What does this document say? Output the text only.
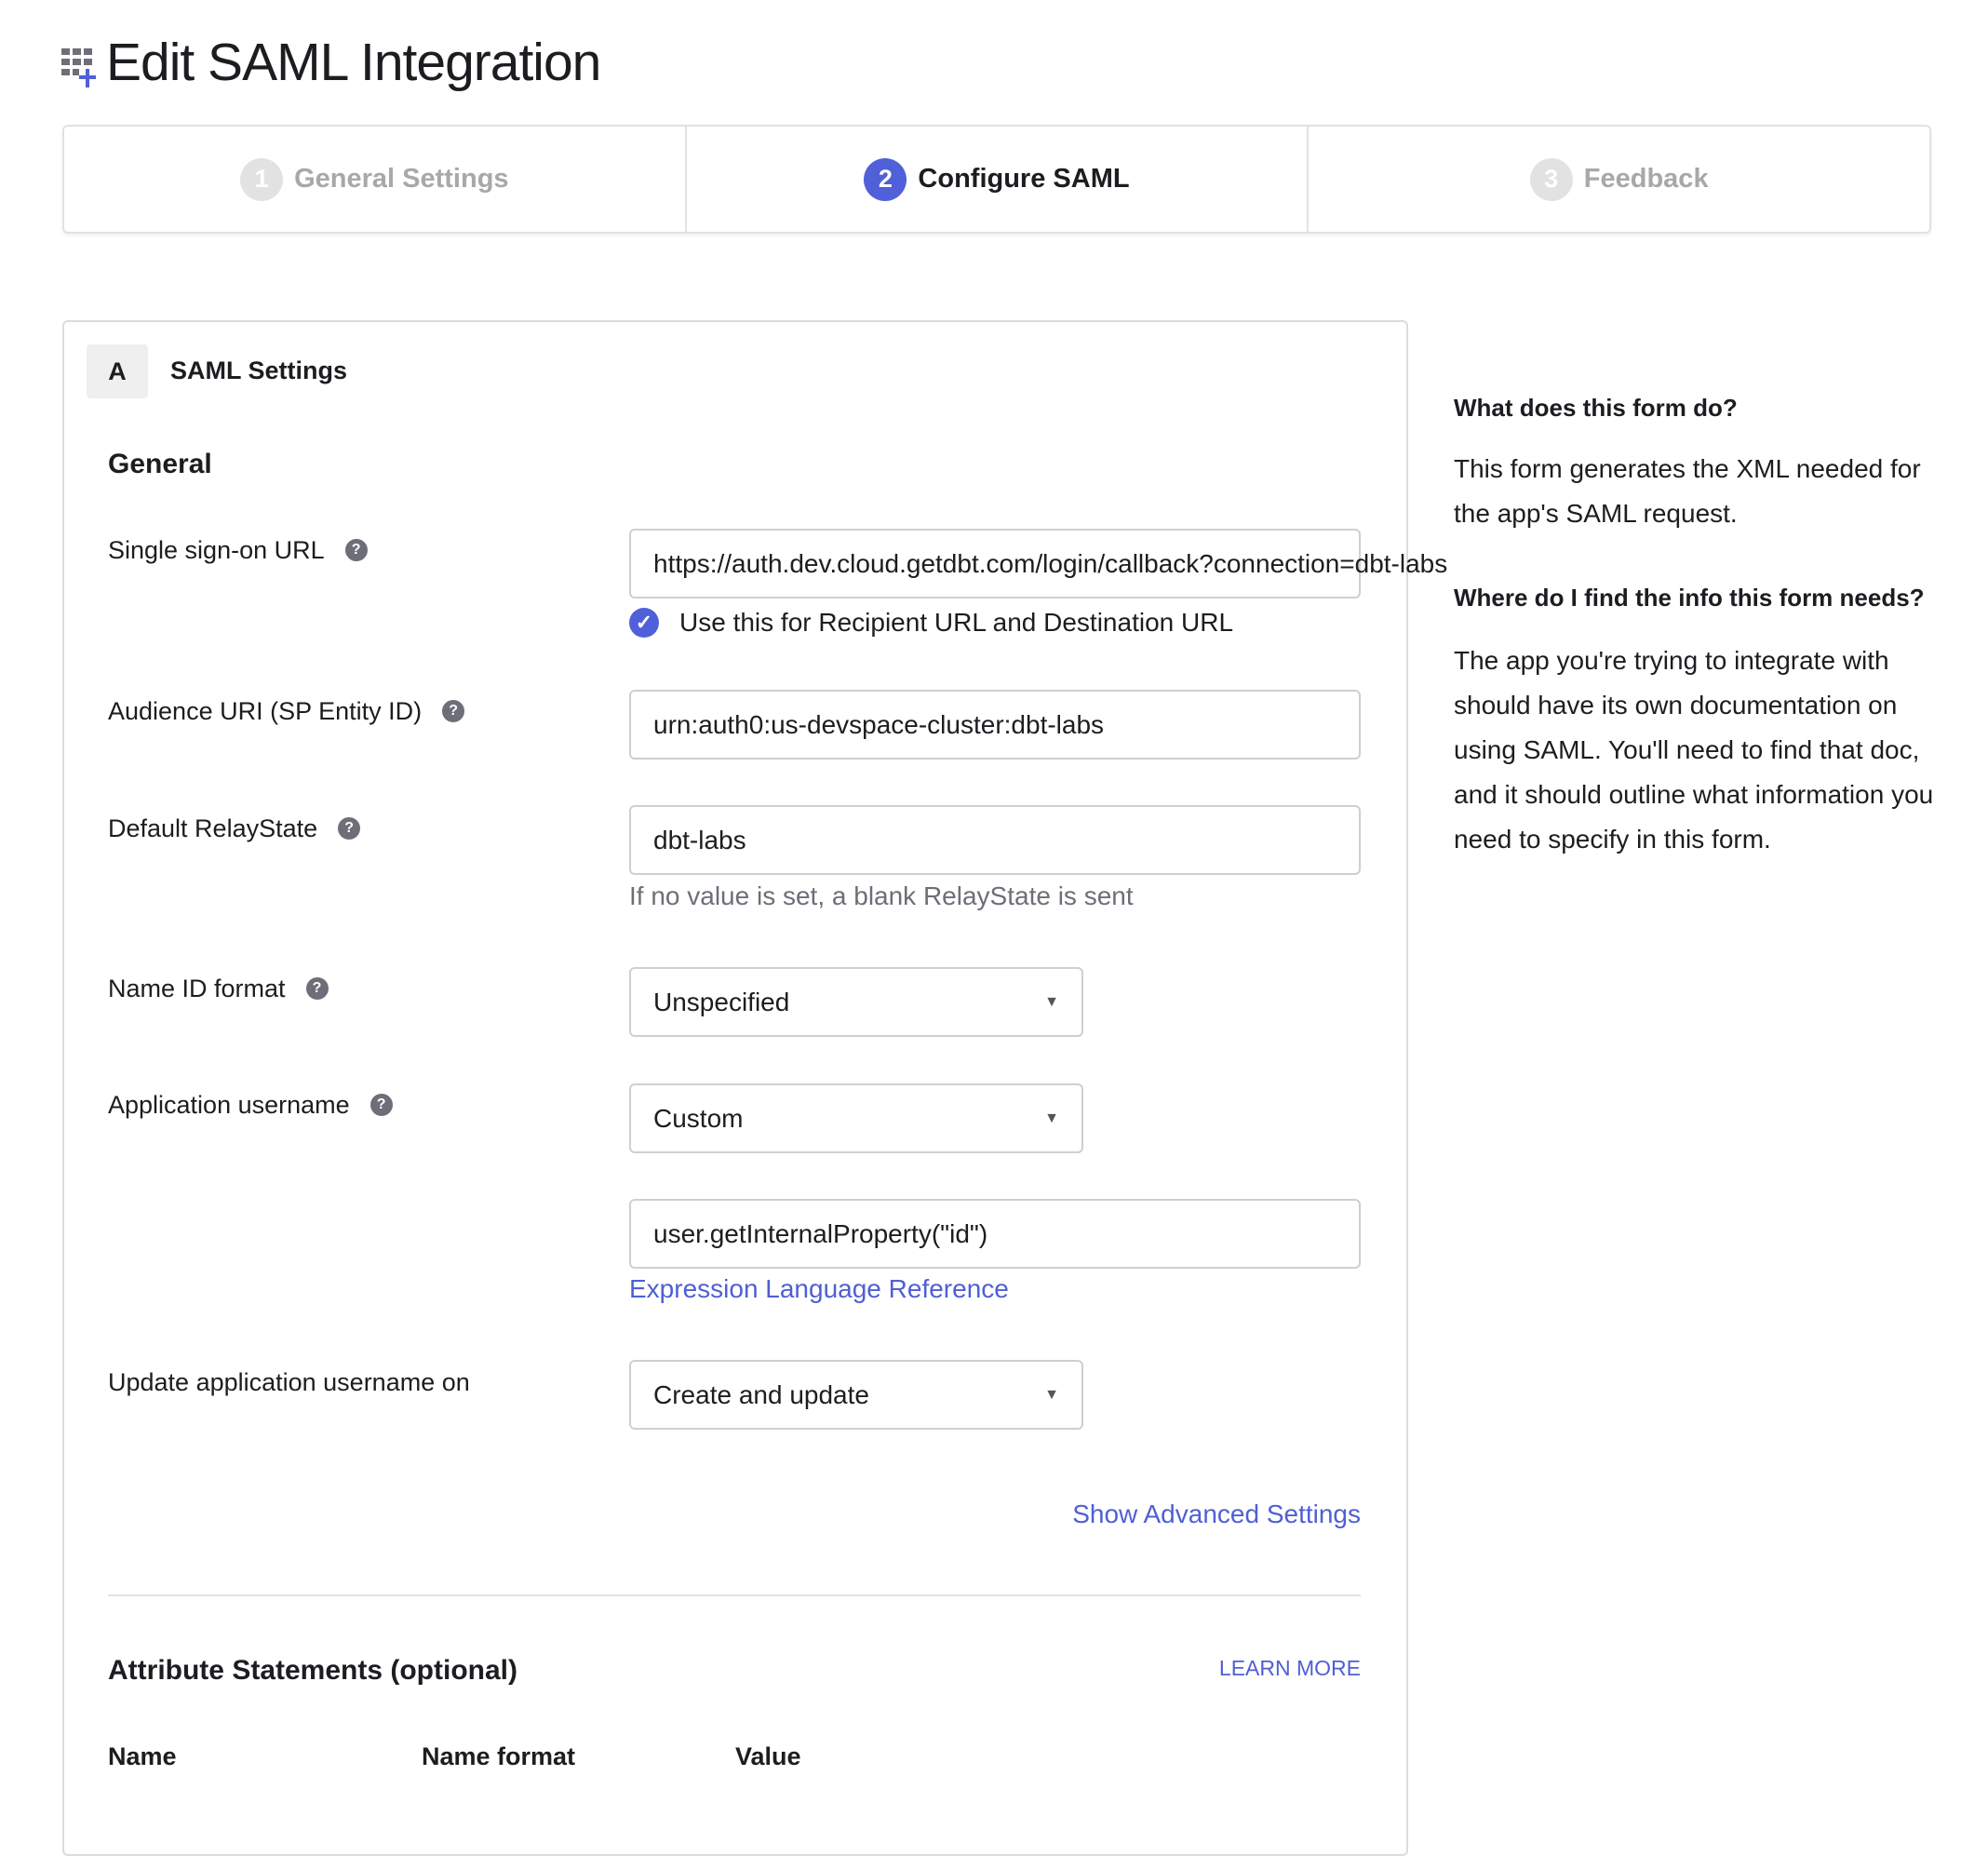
Edit SAML Integration
1 General Settings	2 Configure SAML	3 Feedback
A	SAML Settings
General
Single sign-on URL	?	https://auth.dev.cloud.getdbt.com/login/callback?connection=dbt-labs
✓ Use this for Recipient URL and Destination URL
Audience URI (SP Entity ID)	?	urn:auth0:us-devspace-cluster:dbt-labs
Default RelayState	?	dbt-labs
If no value is set, a blank RelayState is sent
Name ID format	?	Unspecified	▼
Application username	?	Custom	▼
user.getInternalProperty("id")
Expression Language Reference
Update application username on	Create and update	▼
Show Advanced Settings
Attribute Statements (optional)	LEARN MORE
Name	Name format	Value
What does this form do?

This form generates the XML needed for the app's SAML request.

Where do I find the info this form needs?

The app you're trying to integrate with should have its own documentation on using SAML. You'll need to find that doc, and it should outline what information you need to specify in this form.
